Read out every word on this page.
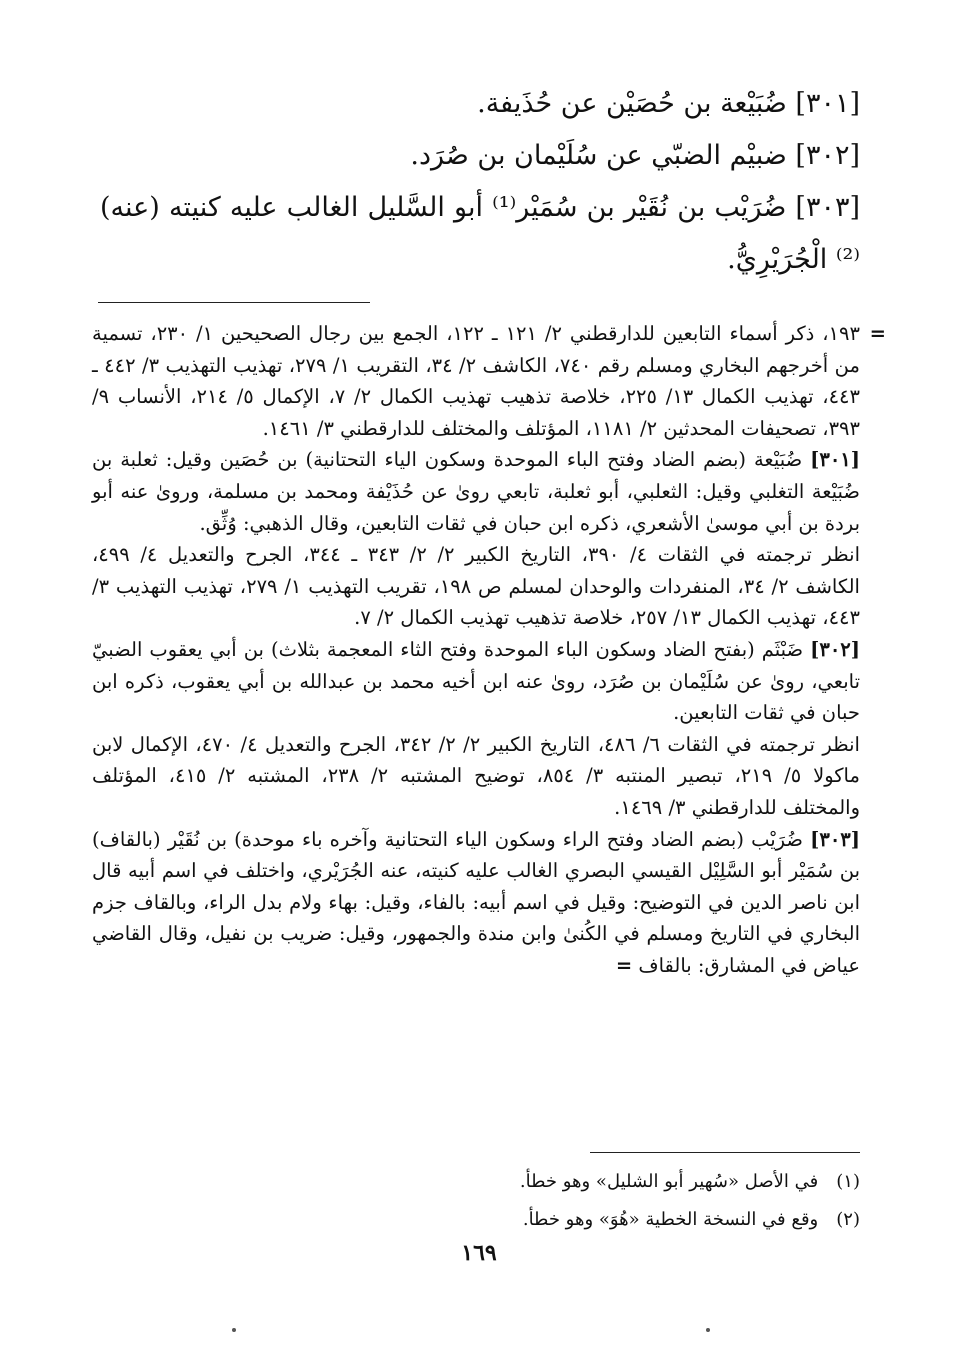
[٣٠١] ضُبَيْعة بن حُصَيْن عن حُذَيفة.

[٣٠٢] ضبيْم الضبّي عن سُلَيْمان بن صُرَد.

[٣٠٣] ضُرَيْب بن نُقَيْر بن سُمَيْر⁽¹⁾ أبو السَّليل الغالب عليه كنيته (عنه)⁽²⁾ الْجُرَيْرِيُّ.

=
١٩٣، ذكر أسماء التابعين للدارقطني ٢/ ١٢١ ـ ١٢٢، الجمع بين رجال الصحيحين ١/ ٢٣٠، تسمية من أخرجهم البخاري ومسلم رقم ٧٤٠، الكاشف ٢/ ٣٤، التقريب ١/ ٢٧٩، تهذيب التهذيب ٣/ ٤٤٢ ـ ٤٤٣، تهذيب الكمال ١٣/ ٢٢٥، خلاصة تذهيب تهذيب الكمال ٢/ ٧، الإكمال ٥/ ٢١٤، الأنساب ٩/ ٣٩٣، تصحيفات المحدثين ٢/ ١١٨١، المؤتلف والمختلف للدارقطني ٣/ ١٤٦١.

[٣٠١] ضُبَيْعة (بضم الضاد وفتح الباء الموحدة وسكون الياء التحتانية) بن حُصَين وقيل: ثعلبة بن ضُبَيْعة التغلبي وقيل: الثعلبي، أبو ثعلبة، تابعي روىٰ عن حُذَيْفة ومحمد بن مسلمة، وروىٰ عنه أبو بردة بن أبي موسىٰ الأشعري، ذكره ابن حبان في ثقات التابعين، وقال الذهبي: وُثِّق.

انظر ترجمته في الثقات ٤/ ٣٩٠، التاريخ الكبير ٢/ ٢/ ٣٤٣ ـ ٣٤٤، الجرح والتعديل ٤/ ٤٩٩، الكاشف ٢/ ٣٤، المنفردات والوحدان لمسلم ص ١٩٨، تقريب التهذيب ١/ ٢٧٩، تهذيب التهذيب ٣/ ٤٤٣، تهذيب الكمال ١٣/ ٢٥٧، خلاصة تذهيب تهذيب الكمال ٢/ ٧.

[٣٠٢] ضَبْثَم (بفتح الضاد وسكون الباء الموحدة وفتح الثاء المعجمة بثلاث) بن أبي يعقوب الضبيّ تابعي، روىٰ عن سُلَيْمان بن صُرَد، روىٰ عنه ابن أخيه محمد بن عبدالله بن أبي يعقوب، ذكره ابن حبان في ثقات التابعين.

انظر ترجمته في الثقات ٦/ ٤٨٦، التاريخ الكبير ٢/ ٢/ ٣٤٢، الجرح والتعديل ٤/ ٤٧٠، الإكمال لابن ماكولا ٥/ ٢١٩، تبصير المنتبه ٣/ ٨٥٤، توضيح المشتبه ٢/ ٢٣٨، المشتبه ٢/ ٤١٥، المؤتلف والمختلف للدارقطني ٣/ ١٤٦٩.

[٣٠٣] ضُرَيْب (بضم الضاد وفتح الراء وسكون الياء التحتانية وآخره باء موحدة) بن نُقَيْر (بالقاف) بن سُمَيْر أبو السَّلِيْل القيسي البصري الغالب عليه كنيته، عنه الجُرَيْري، واختلف في اسم أبيه قال ابن ناصر الدين في التوضيح: وقيل في اسم أبيه: بالفاء، وقيل: بهاء ولام بدل الراء، وبالقاف جزم البخاري في التاريخ ومسلم في الكُنىٰ وابن مندة والجمهور، وقيل: ضريب بن نفيل، وقال القاضي عياض في المشارق: بالقاف =

(١) في الأصل «سُهير أبو الشليل» وهو خطأ.
(٢) وقع في النسخة الخطية «هُوَ» وهو خطأ.
١٦٩
